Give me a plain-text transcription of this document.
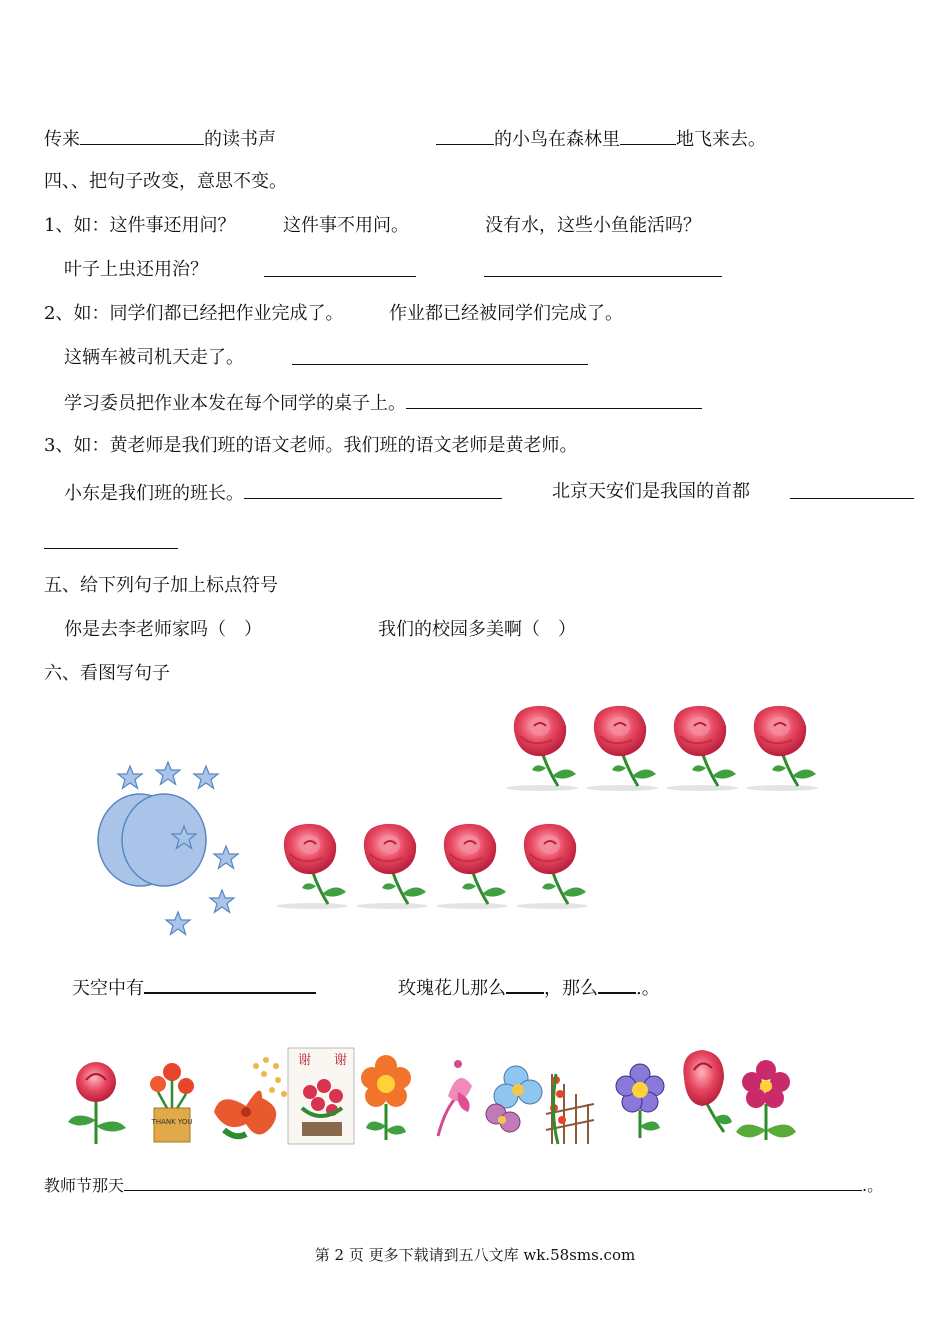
传来	的读书声	的小鸟在森林里	地飞来去。
四、、把句子改变，意思不变。
1、如：这件事还用问？	这件事不用问。	没有水，这些小鱼能活吗？
叶子上虫还用治？
2、如：同学们都已经把作业完成了。	作业都已经被同学们完成了。
这辆车被司机天走了。
学习委员把作业本发在每个同学的桌子上。
3、如：黄老师是我们班的语文老师。我们班的语文老师是黄老师。
小东是我们班的班长。	北京天安们是我国的首都
五、给下列句子加上标点符号
你是去李老师家吗（　）	我们的校园多美啊（　）
六、看图写句子
天空中有	玫瑰花儿那么 ，那么 .。
THANK YOU
谢 谢
教师节那天	.。
第 2 页 更多下载请到五八文库 wk.58sms.com
